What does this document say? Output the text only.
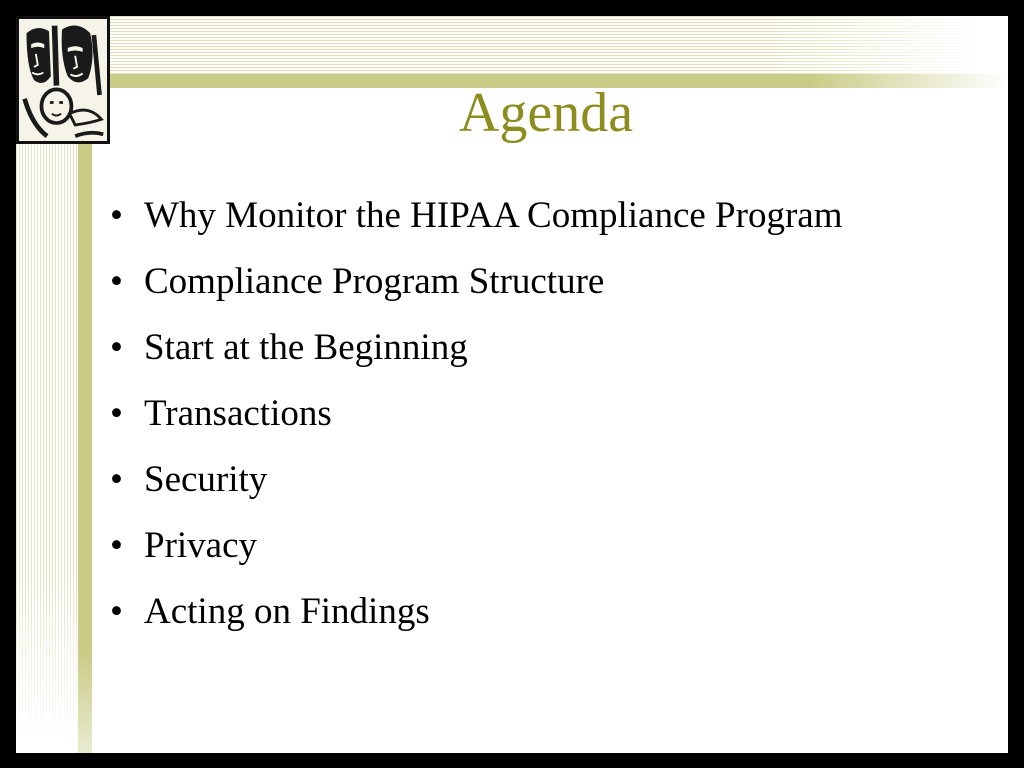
Agenda
• Why Monitor the HIPAA Compliance Program
• Compliance Program Structure
• Start at the Beginning
• Transactions
• Security
• Privacy
• Acting on Findings
